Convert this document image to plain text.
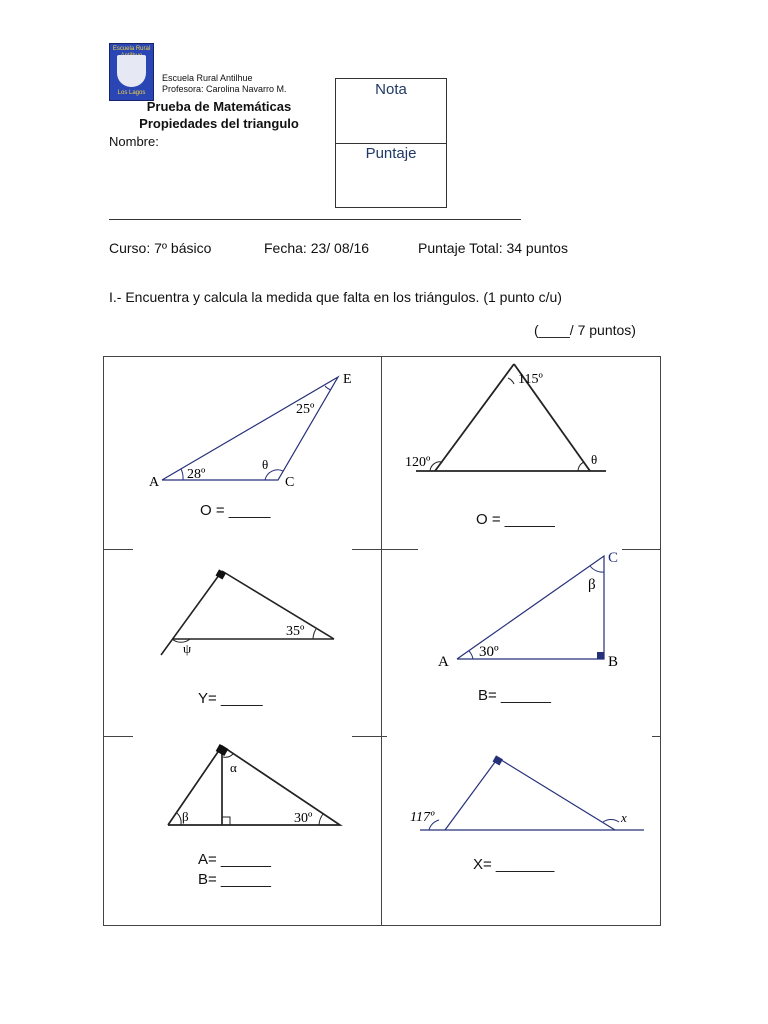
Escuela Rural
Los Lagos
Escuela Rural Antilhue
Profesora: Carolina Navarro M.
Prueba de Matemáticas
Propiedades del triangulo
Nombre:
Nota
Puntaje
Curso: 7º básico	Fecha: 23/ 08/16	Puntaje Total: 34 puntos
I.- Encuentra y calcula la medida que falta en los triángulos. (1 punto c/u)
(____/ 7 puntos)
E
A	C
25º
28º
θ
O = _____
115º
120º	θ
O = ______
35º
ψ
Y= _____
C
A	B
30º
β
B= ______
α
β	30º
A= ______
B= ______
117º	x
X= _______
